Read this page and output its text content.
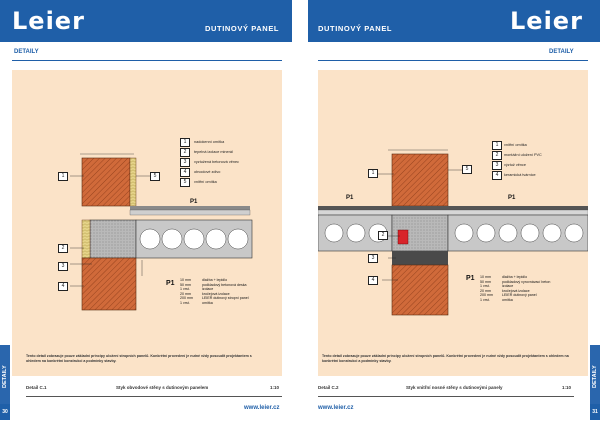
Leier	DUTINOVÝ PANEL
DETAILY
1	nadokenní omítka
2	tepelná izolace minerál
3	vyztužená betonová věnec
4	obvodové zdivo
5	vnitřní omítka
1	5
2
3
4
P1
P1 10 mm	dlažba + lepidlo
50 mm	podkladový betonová deska
1 vrst.	izolace
20 mm	kročejová izolace
200 mm	LEIER dutinový stropní panel
1 vrst.	omítka
Tento detail zobrazuje pouze základní principy uložení stropních panelů. Konkrétní provedení je nutné vždy posoudit projektantem s ohledem na konkrétní konstrukci a podmínky stavby.
Detail C.1	Styk obvodové stěny s dutinovým panelem	1:10
www.leier.cz
DETAILY
30
Leier
DUTINOVÝ PANEL
DETAILY
1	vnitřní omítka
2	montážní uložení PVC
3	výztuž věnce
4	keramická tvárnice
1
5
2
3
4
P1	P1
P1 10 mm	dlažba + lepidlo
50 mm	podkladový vyrovnávací beton
1 vrst.	izolace
20 mm	kročejová izolace
200 mm	LEIER dutinový panel
1 vrst.	omítka
Tento detail zobrazuje pouze základní principy uložení stropních panelů. Konkrétní provedení je nutné vždy posoudit projektantem s ohledem na konkrétní konstrukci a podmínky stavby.
Detail C.2	Styk vnitřní nosné stěny s dutinovými panely	1:10
www.leier.cz
DETAILY
31
